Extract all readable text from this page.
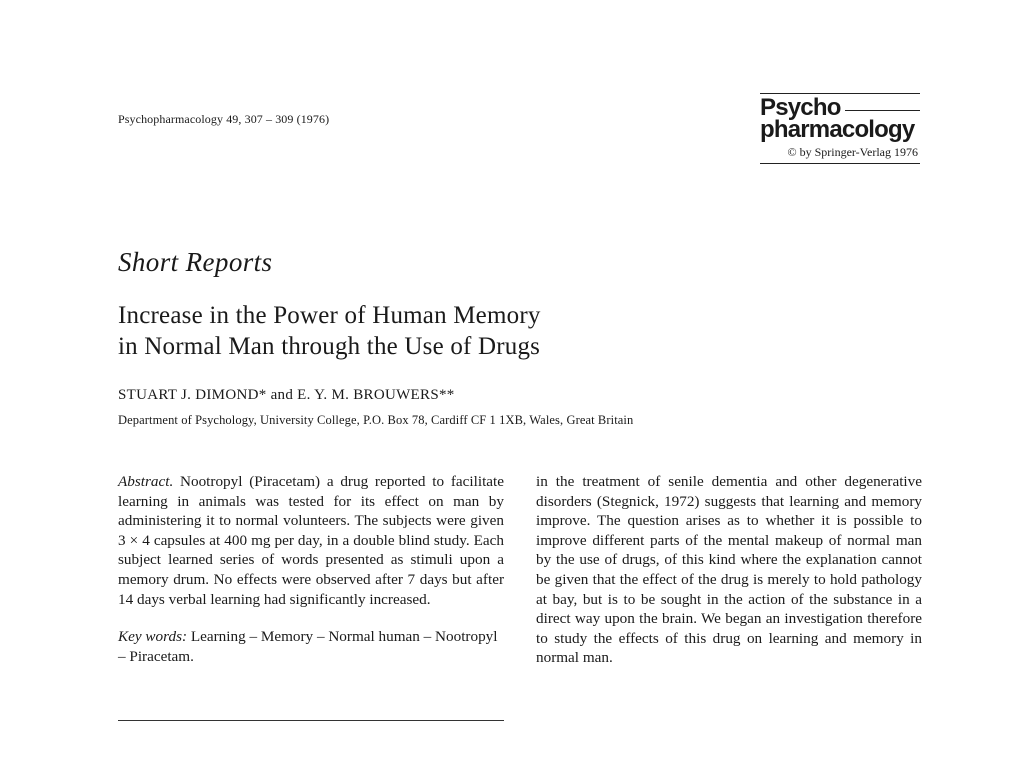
Psychopharmacology 49, 307 – 309 (1976)	Psycho
pharmacology
© by Springer-Verlag 1976
Short Reports
Increase in the Power of Human Memory
in Normal Man through the Use of Drugs
STUART J. DIMOND* and E. Y. M. BROUWERS**
Department of Psychology, University College, P.O. Box 78, Cardiff CF 1 1XB, Wales, Great Britain
Abstract. Nootropyl (Piracetam) a drug reported to facilitate learning in animals was tested for its effect on man by administering it to normal volunteers. The subjects were given 3 × 4 capsules at 400 mg per day, in a double blind study. Each subject learned series of words presented as stimuli upon a memory drum. No effects were observed after 7 days but after 14 days verbal learning had significantly increased.
Key words: Learning – Memory – Normal human – Nootropyl – Piracetam.
in the treatment of senile dementia and other degenerative disorders (Stegnick, 1972) suggests that learning and memory improve. The question arises as to whether it is possible to improve different parts of the mental makeup of normal man by the use of drugs, of this kind where the explanation cannot be given that the effect of the drug is merely to hold pathology at bay, but is to be sought in the action of the substance in a direct way upon the brain. We began an investigation therefore to study the effects of this drug on learning and memory in normal man.
